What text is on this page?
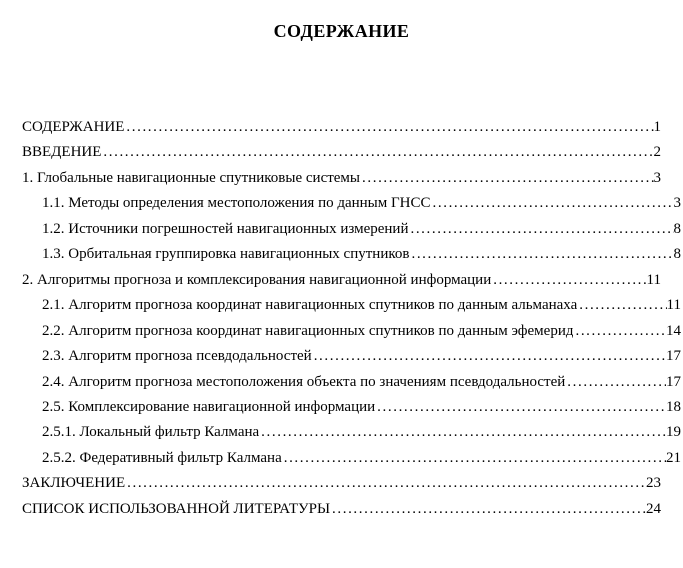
СОДЕРЖАНИЕ
СОДЕРЖАНИЕ .....	1
ВВЕДЕНИЕ .....	2
1. Глобальные навигационные спутниковые системы .....	3
1.1. Методы определения местоположения по данным ГНСС .....	3
1.2. Источники погрешностей навигационных измерений .....	8
1.3. Орбитальная группировка навигационных спутников .....	8
2. Алгоритмы прогноза и комплексирования навигационной информации .....	11
2.1. Алгоритм прогноза координат навигационных спутников по данным альманаха .....	11
2.2. Алгоритм прогноза координат навигационных спутников по данным эфемерид .....	14
2.3. Алгоритм прогноза псевдодальностей .....	17
2.4. Алгоритм прогноза местоположения объекта по значениям псевдодальностей .....	17
2.5. Комплексирование навигационной информации .....	18
2.5.1. Локальный фильтр Калмана .....	19
2.5.2. Федеративный фильтр Калмана .....	21
ЗАКЛЮЧЕНИЕ .....	23
СПИСОК ИСПОЛЬЗОВАННОЙ ЛИТЕРАТУРЫ .....	24
